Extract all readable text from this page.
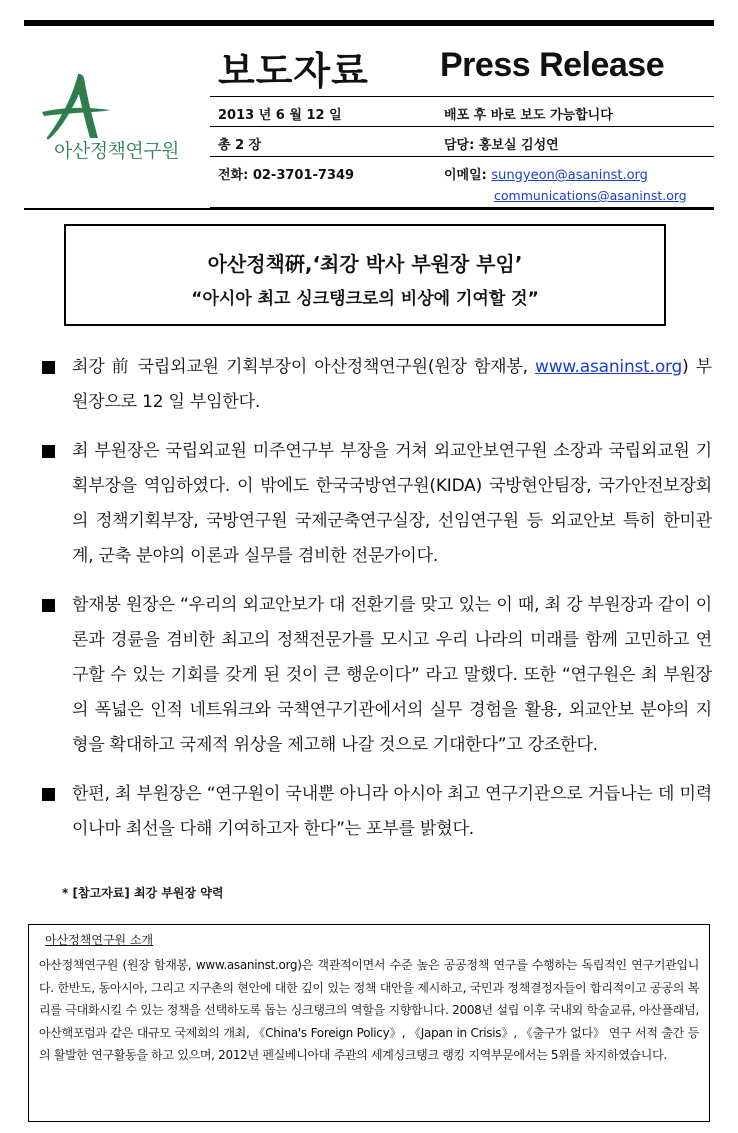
아산정책연구원
보도자료 Press Release
2013 년 6 월 12 일	배포 후 바로 보도 가능합니다
총 2 장	담당: 홍보실 김성연
전화: 02-3701-7349	이메일: sungyeon@asaninst.org
communications@asaninst.org
아산정책硏,‘최강 박사 부원장 부임’
“아시아 최고 싱크탱크로의 비상에 기여할 것”
최강 前 국립외교원 기획부장이 아산정책연구원(원장 함재봉, www.asaninst.org) 부원장으로 12 일 부임한다.
최 부원장은 국립외교원 미주연구부 부장을 거쳐 외교안보연구원 소장과 국립외교원 기획부장을 역임하였다. 이 밖에도 한국국방연구원(KIDA) 국방현안팀장, 국가안전보장회의 정책기획부장, 국방연구원 국제군축연구실장, 선임연구원 등 외교안보 특히 한미관계, 군축 분야의 이론과 실무를 겸비한 전문가이다.
함재봉 원장은 “우리의 외교안보가 대 전환기를 맞고 있는 이 때, 최 강 부원장과 같이 이론과 경륜을 겸비한 최고의 정책전문가를 모시고 우리 나라의 미래를 함께 고민하고 연구할 수 있는 기회를 갖게 된 것이 큰 행운이다” 라고 말했다. 또한 “연구원은 최 부원장의 폭넓은 인적 네트워크와 국책연구기관에서의 실무 경험을 활용, 외교안보 분야의 지형을 확대하고 국제적 위상을 제고해 나갈 것으로 기대한다”고 강조한다.
한편, 최 부원장은 “연구원이 국내뿐 아니라 아시아 최고 연구기관으로 거듭나는 데 미력이나마 최선을 다해 기여하고자 한다”는 포부를 밝혔다.
* [참고자료] 최강 부원장 약력
아산정책연구원 소개
아산정책연구원 (원장 함재봉, www.asaninst.org)은 객관적이면서 수준 높은 공공정책 연구를 수행하는 독립적인 연구기관입니다. 한반도, 동아시아, 그리고 지구촌의 현안에 대한 깊이 있는 정책 대안을 제시하고, 국민과 정책결정자들이 합리적이고 공공의 복리를 극대화시킬 수 있는 정책을 선택하도록 돕는 싱크탱크의 역할을 지향합니다. 2008년 설립 이후 국내외 학술교류, 아산플래넘, 아산핵포럼과 같은 대규모 국제회의 개최, 《China's Foreign Policy》, 《Japan in Crisis》, 《출구가 없다》 연구 서적 출간 등의 활발한 연구활동을 하고 있으며, 2012년 펜실베니아대 주관의 세계싱크탱크 랭킹 지역부문에서는 5위를 차지하였습니다.
